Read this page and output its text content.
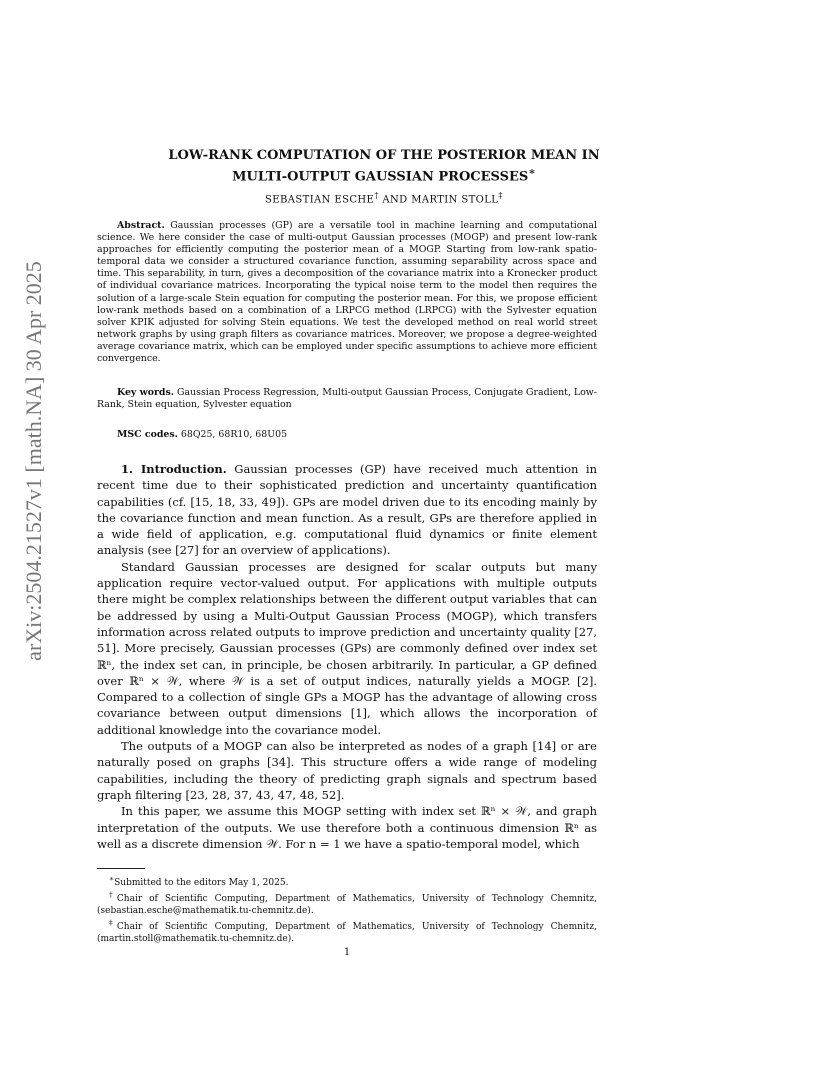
arXiv:2504.21527v1 [math.NA] 30 Apr 2025
LOW-RANK COMPUTATION OF THE POSTERIOR MEAN IN
MULTI-OUTPUT GAUSSIAN PROCESSES∗
SEBASTIAN ESCHE† AND MARTIN STOLL‡

Abstract. Gaussian processes (GP) are a versatile tool in machine learning and computational science. We here consider the case of multi-output Gaussian processes (MOGP) and present low-rank approaches for efficiently computing the posterior mean of a MOGP. Starting from low-rank spatio-temporal data we consider a structured covariance function, assuming separability across space and time. This separability, in turn, gives a decomposition of the covariance matrix into a Kronecker product of individual covariance matrices. Incorporating the typical noise term to the model then requires the solution of a large-scale Stein equation for computing the posterior mean. For this, we propose efficient low-rank methods based on a combination of a LRPCG method (LRPCG) with the Sylvester equation solver KPIK adjusted for solving Stein equations. We test the developed method on real world street network graphs by using graph filters as covariance matrices. Moreover, we propose a degree-weighted average covariance matrix, which can be employed under specific assumptions to achieve more efficient convergence.

Key words. Gaussian Process Regression, Multi-output Gaussian Process, Conjugate Gradient, Low-Rank, Stein equation, Sylvester equation

MSC codes. 68Q25, 68R10, 68U05

1. Introduction. Gaussian processes (GP) have received much attention in recent time due to their sophisticated prediction and uncertainty quantification capabilities (cf. [15, 18, 33, 49]). GPs are model driven due to its encoding mainly by the covariance function and mean function. As a result, GPs are therefore applied in a wide field of application, e.g. computational fluid dynamics or finite element analysis (see [27] for an overview of applications).

Standard Gaussian processes are designed for scalar outputs but many application require vector-valued output. For applications with multiple outputs there might be complex relationships between the different output variables that can be addressed by using a Multi-Output Gaussian Process (MOGP), which transfers information across related outputs to improve prediction and uncertainty quality [27, 51]. More precisely, Gaussian processes (GPs) are commonly defined over index set ℝⁿ, the index set can, in principle, be chosen arbitrarily. In particular, a GP defined over ℝⁿ × 𝒲, where 𝒲 is a set of output indices, naturally yields a MOGP. [2]. Compared to a collection of single GPs a MOGP has the advantage of allowing cross covariance between output dimensions [1], which allows the incorporation of additional knowledge into the covariance model.

The outputs of a MOGP can also be interpreted as nodes of a graph [14] or are naturally posed on graphs [34]. This structure offers a wide range of modeling capabilities, including the theory of predicting graph signals and spectrum based graph filtering [23, 28, 37, 43, 47, 48, 52].

In this paper, we assume this MOGP setting with index set ℝⁿ × 𝒲, and graph interpretation of the outputs. We use therefore both a continuous dimension ℝⁿ as well as a discrete dimension 𝒲. For n = 1 we have a spatio-temporal model, which

∗Submitted to the editors May 1, 2025.

†Chair of Scientific Computing, Department of Mathematics, University of Technology Chemnitz, (sebastian.esche@mathematik.tu-chemnitz.de).

‡Chair of Scientific Computing, Department of Mathematics, University of Technology Chemnitz, (martin.stoll@mathematik.tu-chemnitz.de).

1
